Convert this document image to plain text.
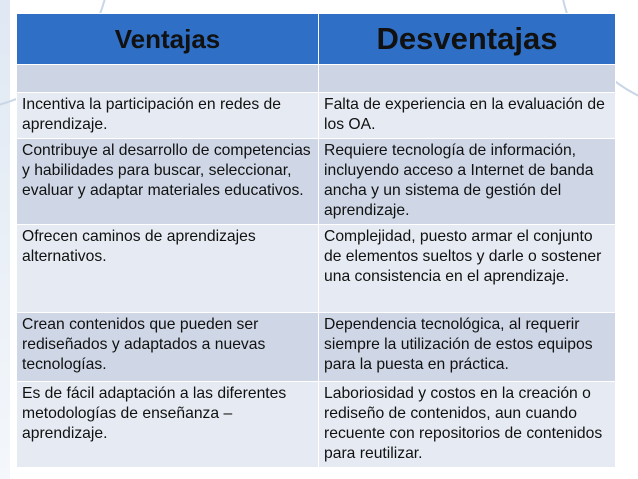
Ventajas	Desventajas

Incentiva la participación en redes de aprendizaje.	Falta de experiencia en la evaluación de los OA.
Contribuye al desarrollo de competencias y habilidades para buscar, seleccionar, evaluar y adaptar materiales educativos.	Requiere tecnología de información, incluyendo acceso a Internet de banda ancha y un sistema de gestión del aprendizaje.
Ofrecen caminos de aprendizajes alternativos.	Complejidad, puesto armar el conjunto de elementos sueltos y darle o sostener una consistencia en el aprendizaje.
Crean contenidos que pueden ser rediseñados y adaptados a nuevas tecnologías.	Dependencia tecnológica, al requerir siempre la utilización de estos equipos para la puesta en práctica.
Es de fácil adaptación a las diferentes metodologías de enseñanza – aprendizaje.	Laboriosidad y costos en la creación o rediseño de contenidos, aun cuando recuente con repositorios de contenidos para reutilizar.
